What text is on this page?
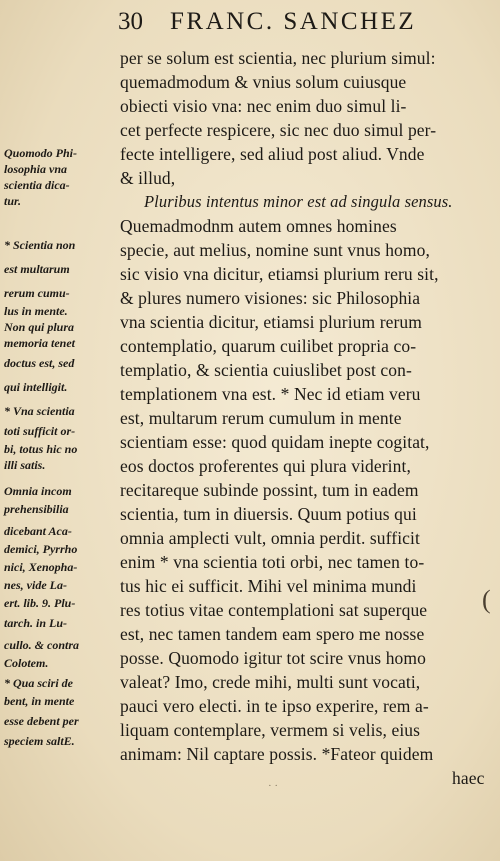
30 FRANC. SANCHEZ
per se solum est scientia, nec plurium simul:
quemadmodum & vnius solum cuiusque
obiecti visio vna: nec enim duo simul li-
cet perfecte respicere, sic nec duo simul per-
fecte intelligere, sed aliud post aliud. Vnde
& illud,
Pluribus intentus minor est ad singula sensus.
Quemadmodnm autem omnes homines
specie, aut melius, nomine sunt vnus homo,
sic visio vna dicitur, etiamsi plurium reru sit,
& plures numero visiones: sic Philosophia
vna scientia dicitur, etiamsi plurium rerum
contemplatio, quarum cuilibet propria co-
templatio, & scientia cuiuslibet post con-
templationem vna est. * Nec id etiam veru
est, multarum rerum cumulum in mente
scientiam esse: quod quidam inepte cogitat,
eos doctos proferentes qui plura viderint,
recitareque subinde possint, tum in eadem
scientia, tum in diuersis. Quum potius qui
omnia amplecti vult, omnia perdit. sufficit
enim * vna scientia toti orbi, nec tamen to-
tus hic ei sufficit. Mihi vel minima mundi
res totius vitae contemplationi sat superque
est, nec tamen tandem eam spero me nosse
posse. Quomodo igitur tot scire vnus homo
valeat? Imo, crede mihi, multi sunt vocati,
pauci vero electi. in te ipso experire, rem a-
liquam contemplare, vermem si velis, eius
animam: Nil captare possis. *Fateor quidem
haec
Quomodo Phi-
losophia vna
scientia dica-
tur.
* Scientia non
est multarum
rerum cumu-
lus in mente.
Non qui plura
memoria tenet
doctus est, sed
qui intelligit.
* Vna scientia
toti sufficit or-
bi, totus hic no
illi satis.
Omnia incom
prehensibilia
dicebant Aca-
demici, Pyrrho
nici, Xenopha-
nes, vide La-
ert. lib. 9. Plu-
tarch. in Lu-
cullo. & contra
Colotem.
* Qua sciri de
bent, in mente
esse debent per
speciem saltE.
(
· ·
